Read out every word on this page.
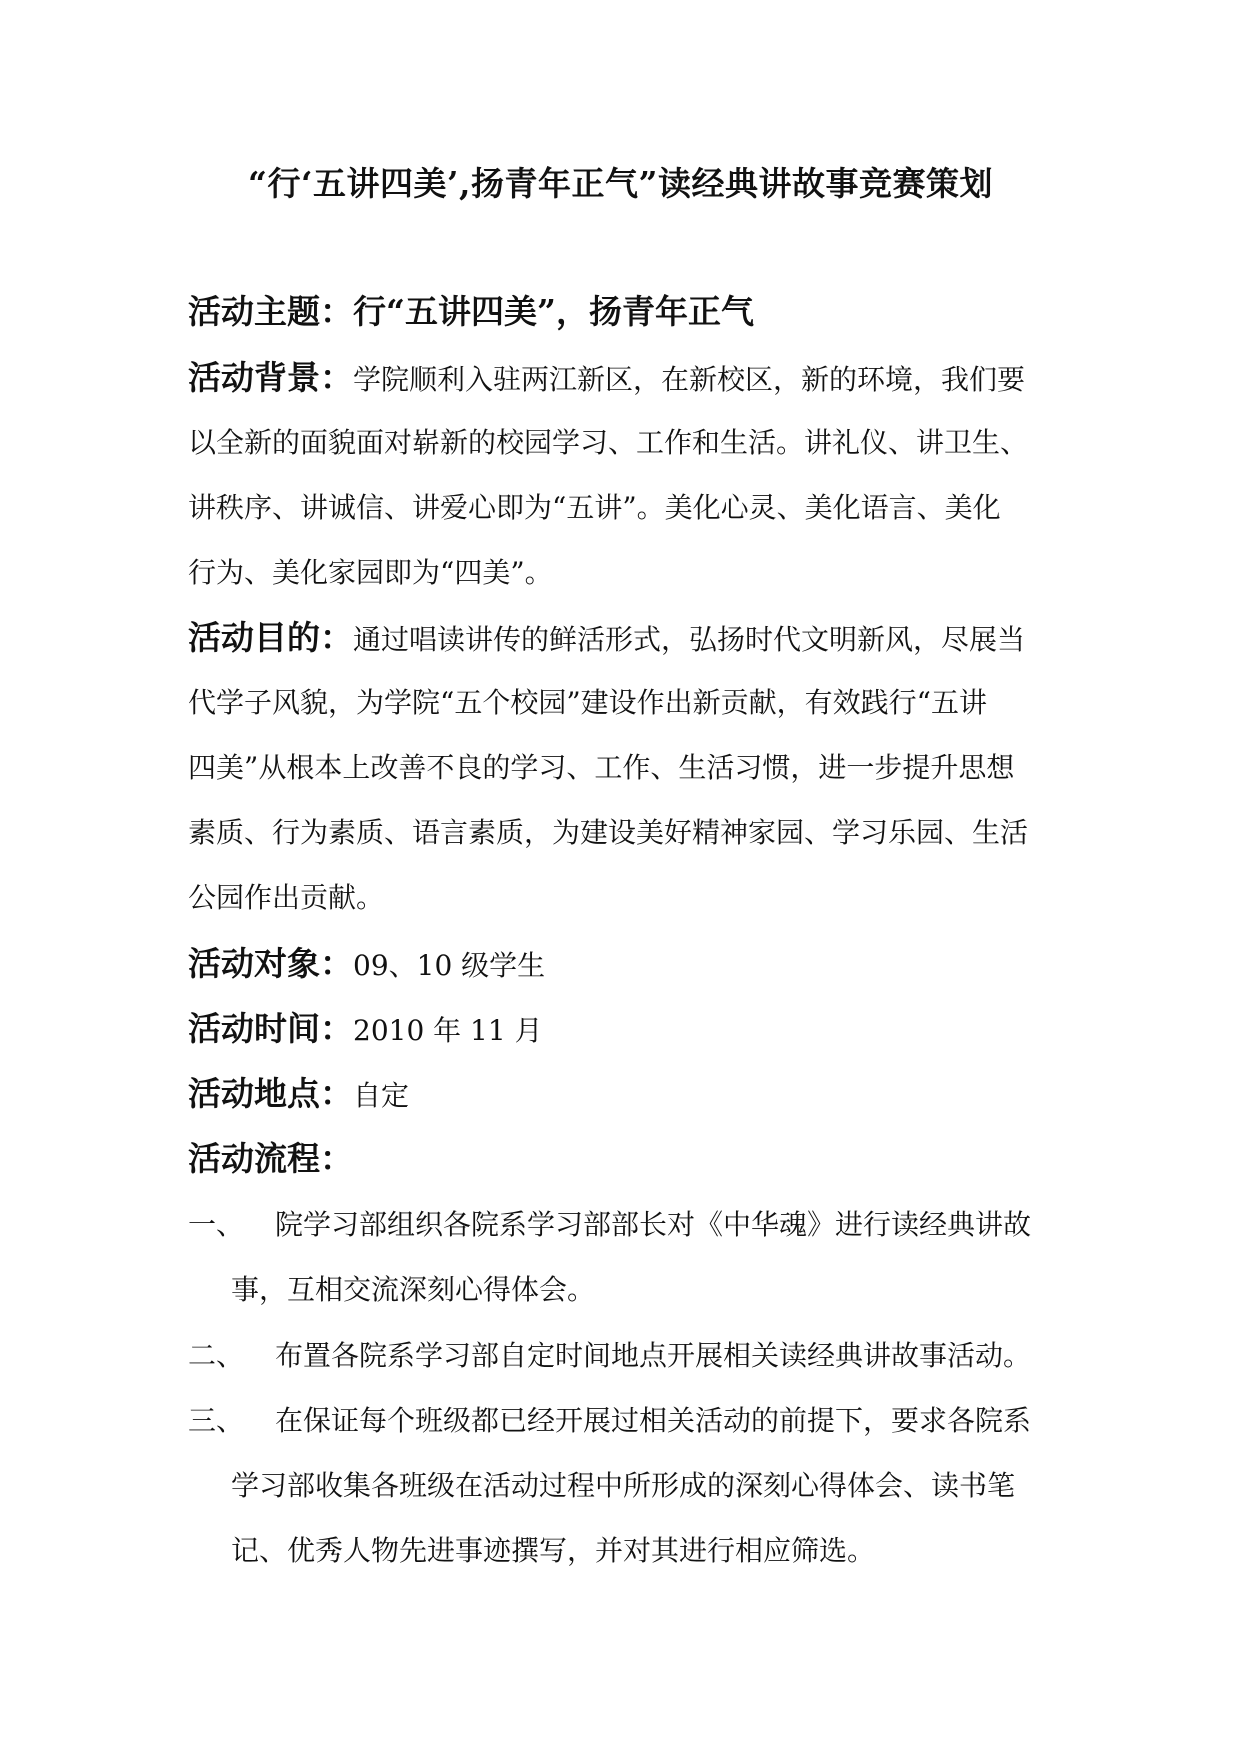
“行‘五讲四美’,扬青年正气”读经典讲故事竞赛策划
活动主题：行“五讲四美”，扬青年正气
活动背景：学院顺利入驻两江新区，在新校区，新的环境，我们要
以全新的面貌面对崭新的校园学习、工作和生活。讲礼仪、讲卫生、
讲秩序、讲诚信、讲爱心即为“五讲”。美化心灵、美化语言、美化
行为、美化家园即为“四美”。
活动目的：通过唱读讲传的鲜活形式，弘扬时代文明新风，尽展当
代学子风貌，为学院“五个校园”建设作出新贡献，有效践行“五讲
四美”从根本上改善不良的学习、工作、生活习惯，进一步提升思想
素质、行为素质、语言素质，为建设美好精神家园、学习乐园、生活
公园作出贡献。
活动对象：09、10 级学生
活动时间：2010 年 11 月
活动地点：自定
活动流程：
一、 院学习部组织各院系学习部部长对《中华魂》进行读经典讲故
事，互相交流深刻心得体会。
二、 布置各院系学习部自定时间地点开展相关读经典讲故事活动。
三、 在保证每个班级都已经开展过相关活动的前提下，要求各院系
学习部收集各班级在活动过程中所形成的深刻心得体会、读书笔
记、优秀人物先进事迹撰写，并对其进行相应筛选。
